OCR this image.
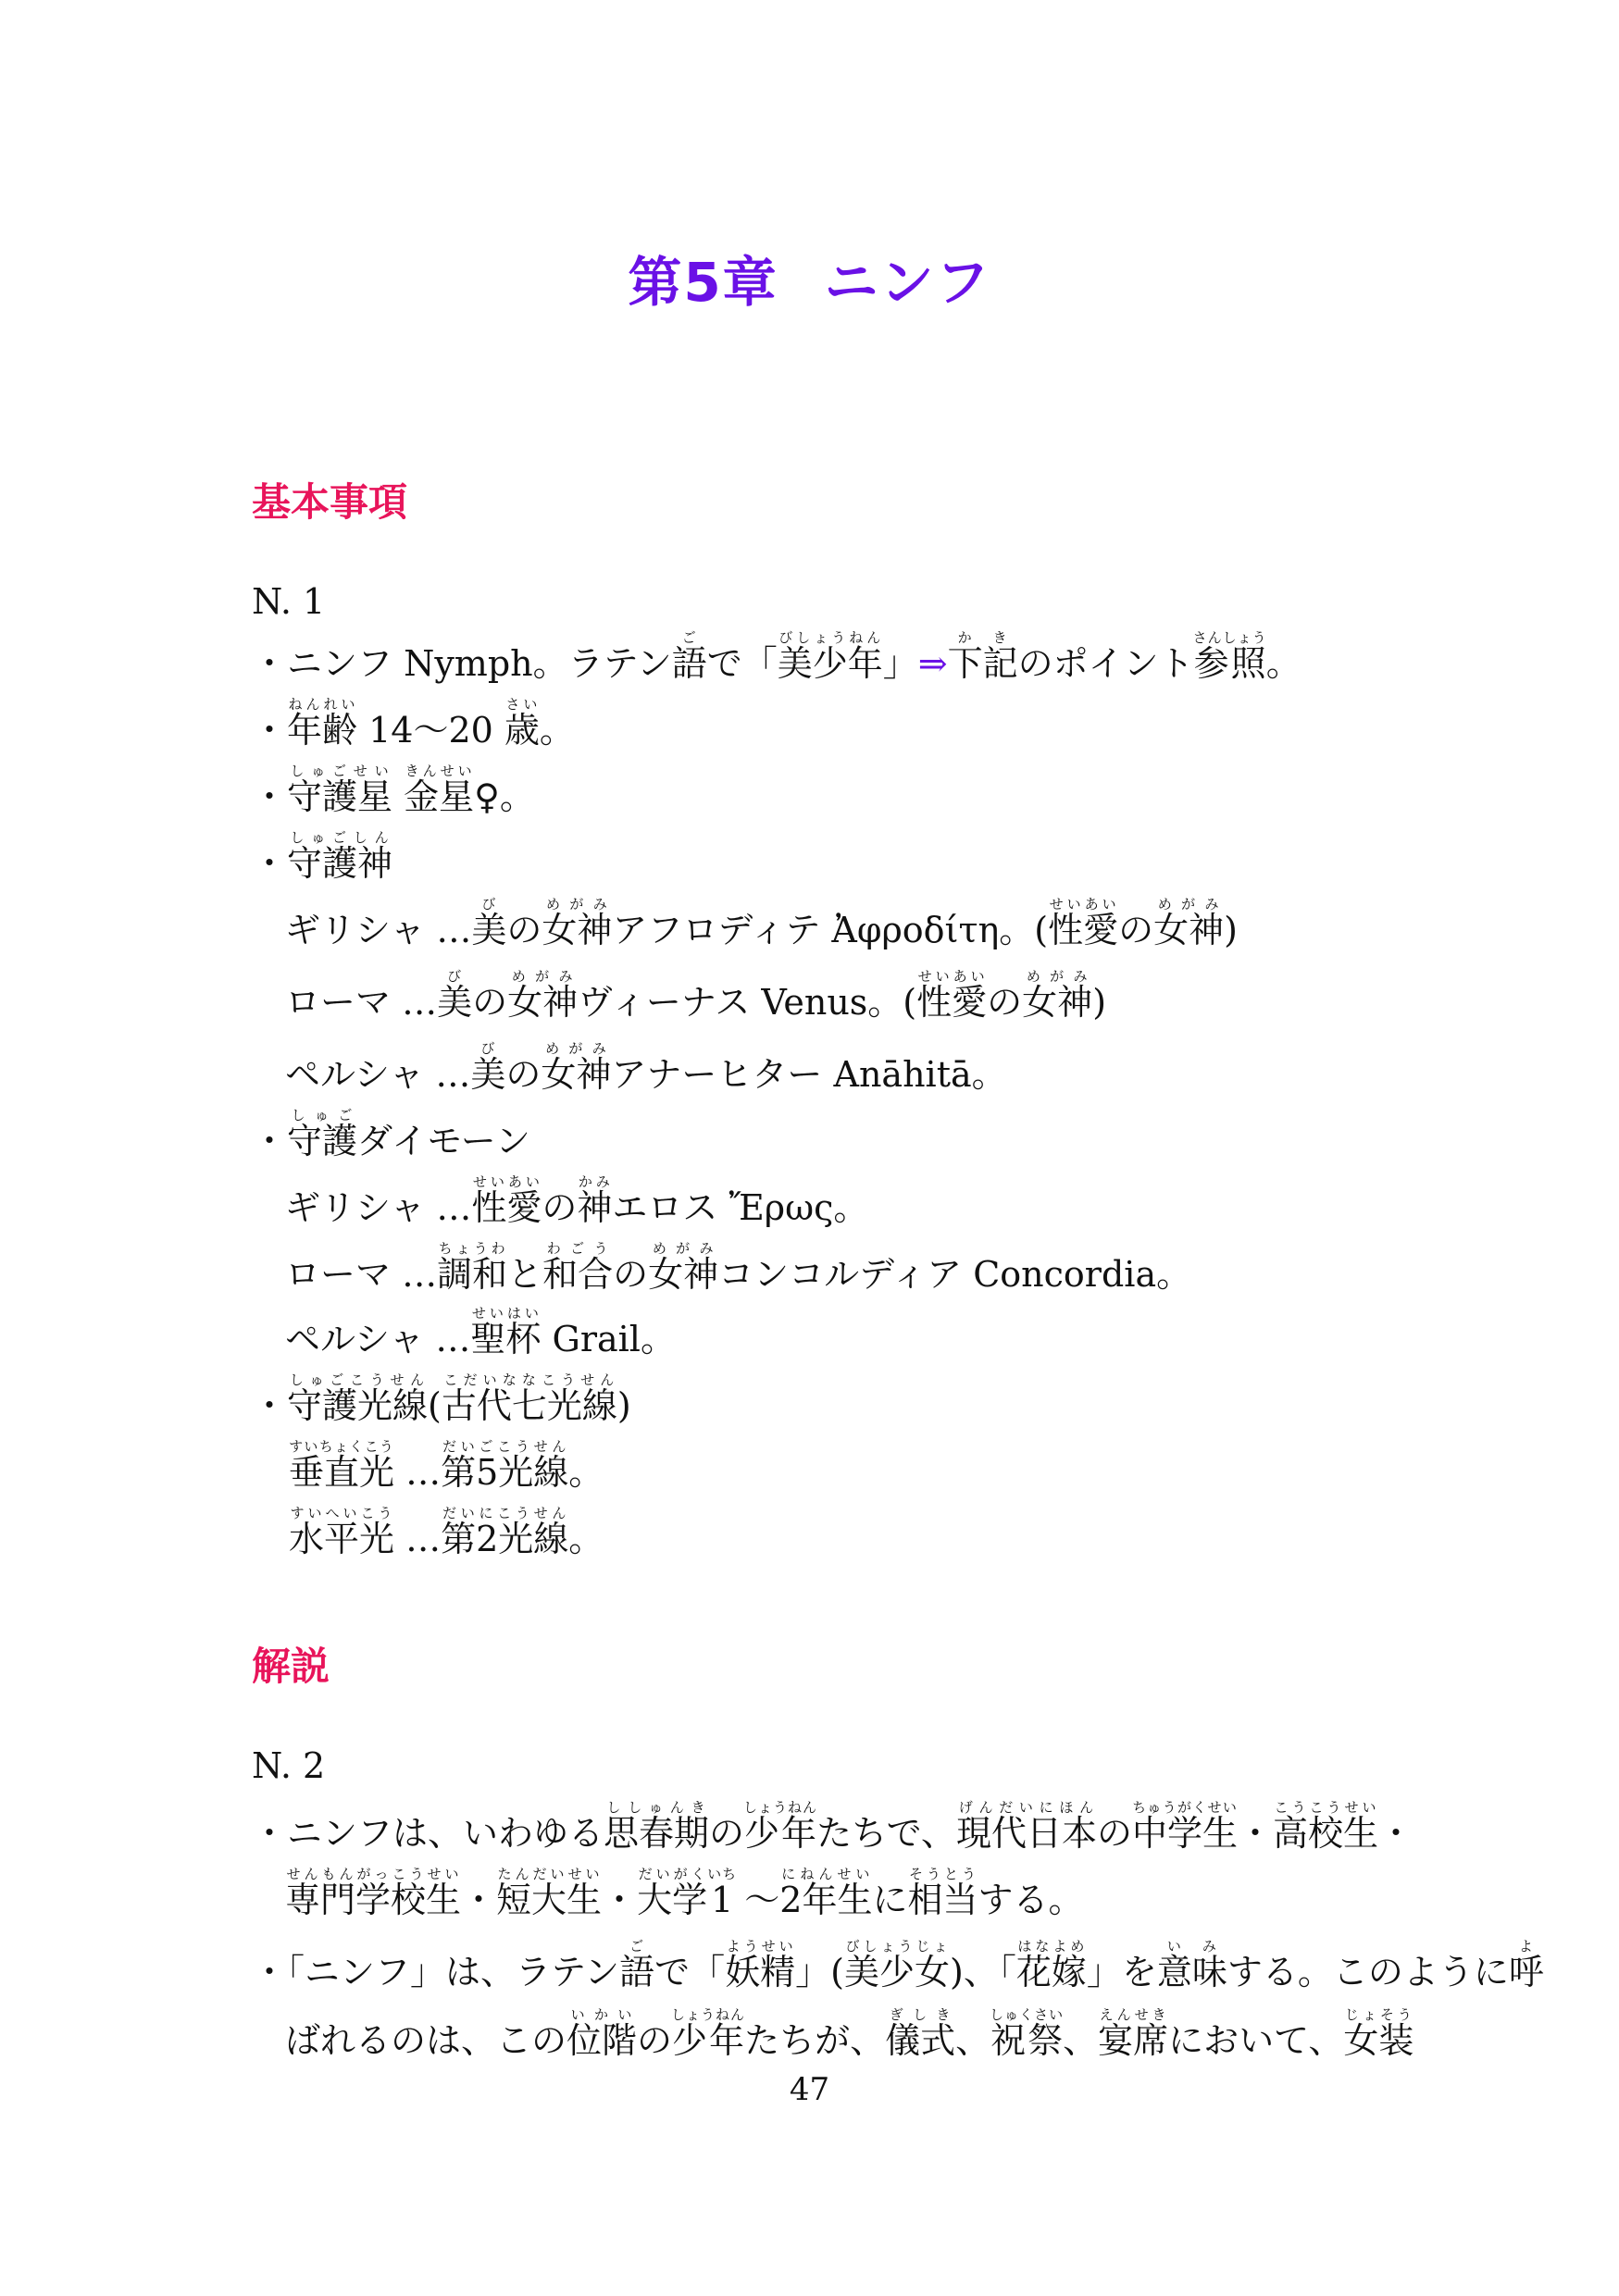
第5章 ニンフ
基本事項
N. 1
・ニンフ Nymph。ラテン語ごで「美少年びしょうねん」⇒下記かきのポイント参照さんしょう。
・年齢ねんれい 14～20 歳さい。
・守護星しゅごせい 金星きんせい♀。
・守護神しゅごしん
ギリシャ …美びの女神めがみアフロディテ Ἀφροδίτη。(性愛せいあいの女神めがみ)
ローマ …美びの女神めがみヴィーナス Venus。(性愛せいあいの女神めがみ)
ペルシャ …美びの女神めがみアナーヒター Anāhitā。
・守護しゅごダイモーン
ギリシャ …性愛せいあいの神かみエロス Ἔρως。
ローマ …調和ちょうわと和合わごうの女神めがみコンコルディア Concordia。
ペルシャ …聖杯せいはい Grail。
・守護光線しゅごこうせん(古代七光線こだいななこうせん)
垂直光すいちょくこう …第5光線だいごこうせん。
水平光すいへいこう …第2光線だいにこうせん。
解説
N. 2
・ニンフは、いわゆる思春期ししゅんきの少年しょうねんたちで、現代日本げんだいにほんの中学生ちゅうがくせい・高校生こうこうせい・
専門学校生せんもんがっこうせい・短大生たんだいせい・大学だいがく1いち ～2年生にねんせいに相当そうとうする。
・「ニンフ」は、ラテン語ごで「妖精ようせい」(美少女びしょうじょ)、「花嫁はなよめ」を意味いみする。このように呼よ
ばれるのは、この位階いかいの少年しょうねんたちが、儀式ぎしき、祝祭しゅくさい、宴席えんせきにおいて、女装じょそう
47
